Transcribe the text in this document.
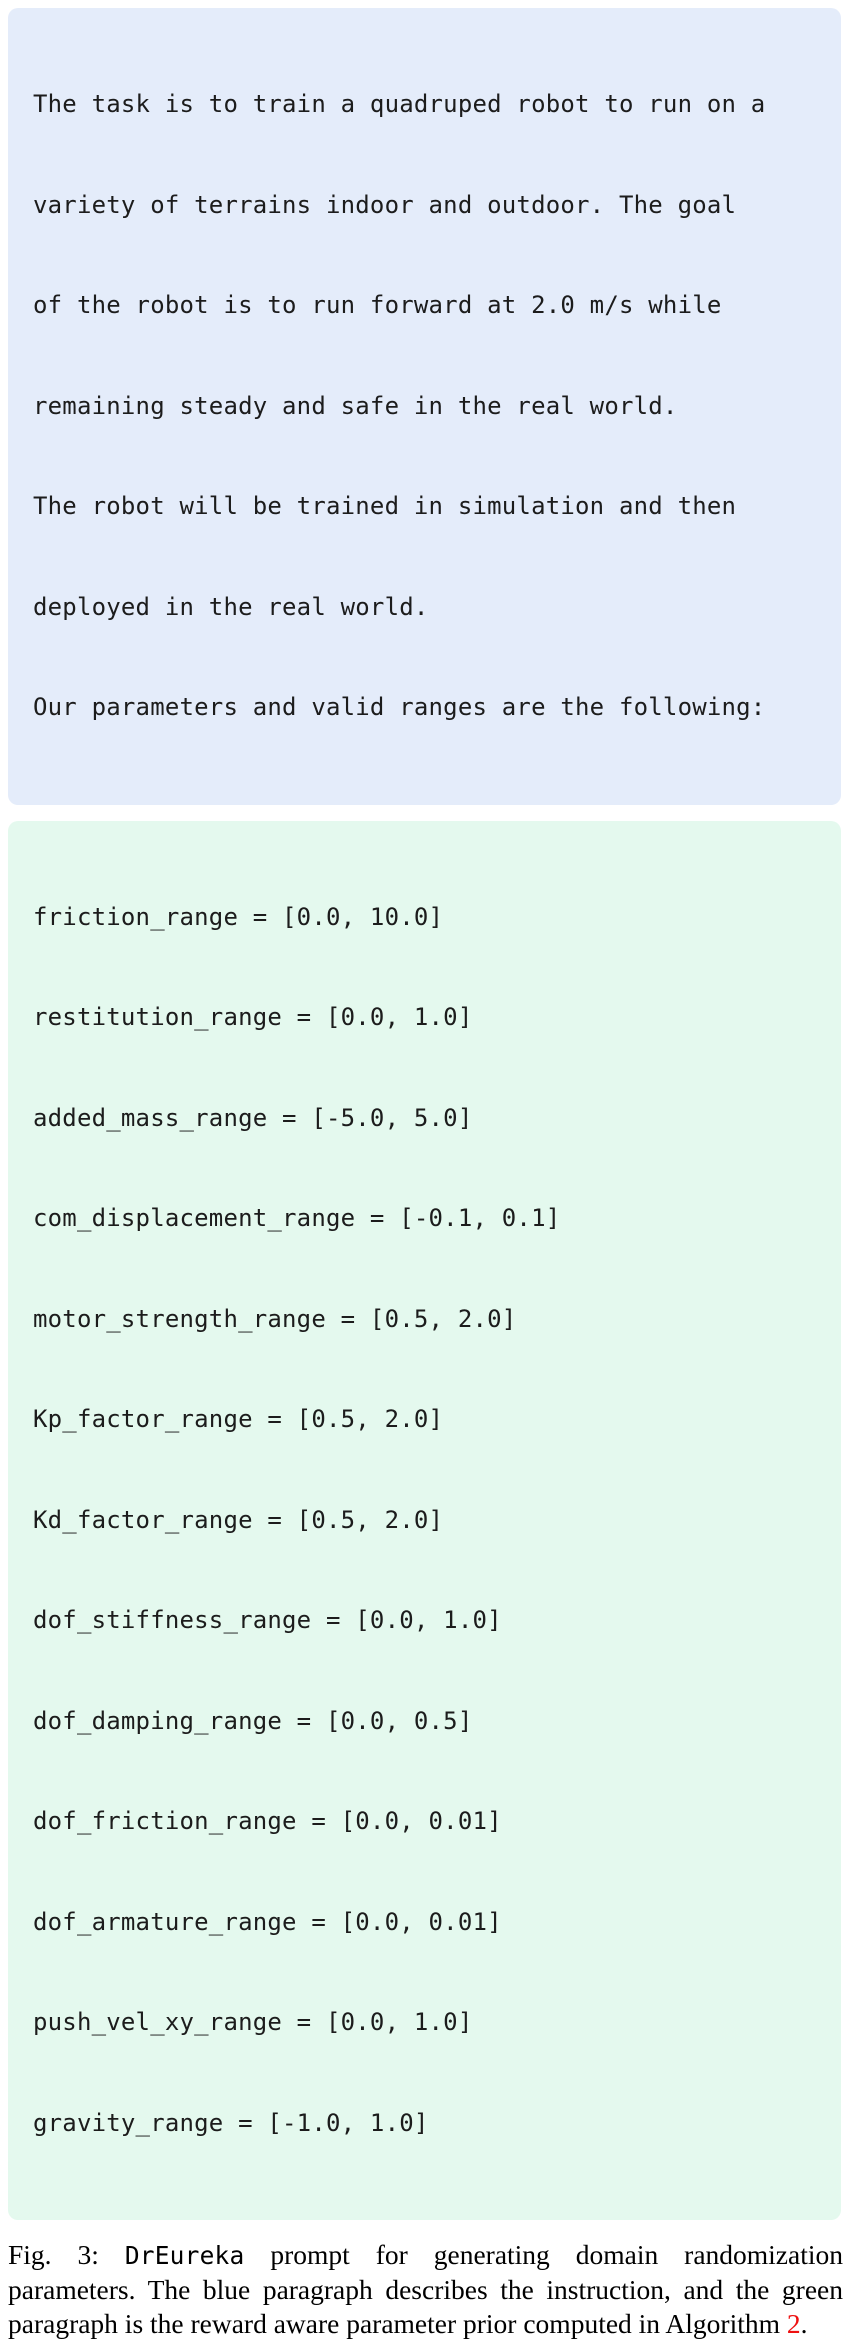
The task is to train a quadruped robot to run on a

variety of terrains indoor and outdoor. The goal

of the robot is to run forward at 2.0 m/s while

remaining steady and safe in the real world.

The robot will be trained in simulation and then

deployed in the real world.

Our parameters and valid ranges are the following:

friction_range = [0.0, 10.0]

restitution_range = [0.0, 1.0]

added_mass_range = [-5.0, 5.0]

com_displacement_range = [-0.1, 0.1]

motor_strength_range = [0.5, 2.0]

Kp_factor_range = [0.5, 2.0]

Kd_factor_range = [0.5, 2.0]

dof_stiffness_range = [0.0, 1.0]

dof_damping_range = [0.0, 0.5]

dof_friction_range = [0.0, 0.01]

dof_armature_range = [0.0, 0.01]

push_vel_xy_range = [0.0, 1.0]

gravity_range = [-1.0, 1.0]

Fig. 3: DrEureka prompt for generating domain randomization parameters. The blue paragraph describes the instruction, and the green paragraph is the reward aware parameter prior computed in Algorithm 2.
